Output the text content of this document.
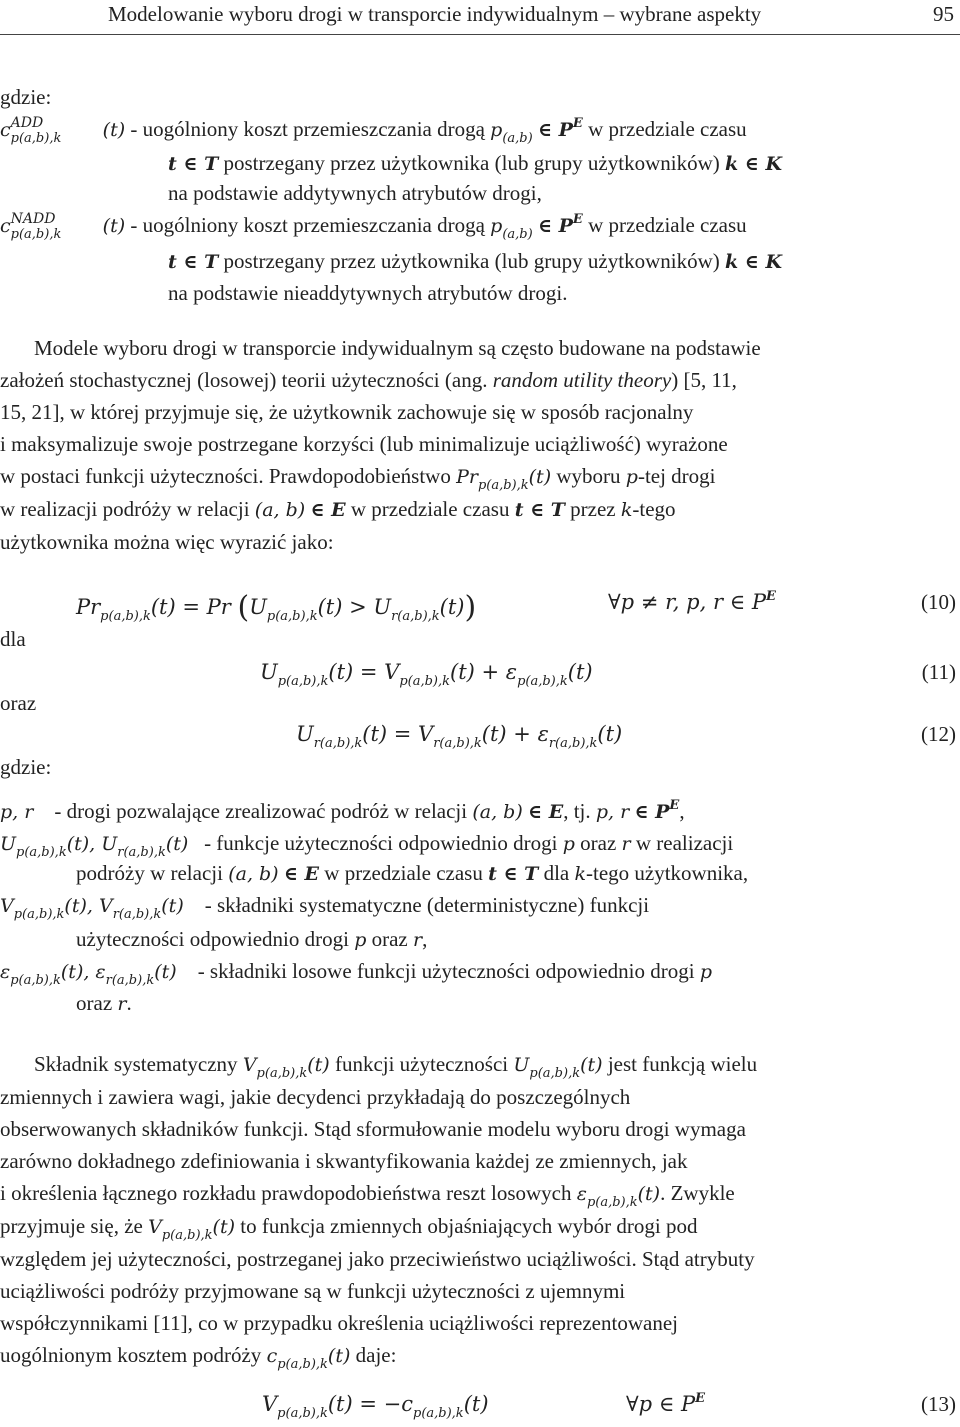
Modelowanie wyboru drogi w transporcie indywidualnym – wybrane aspekty	95
gdzie:
c ADD
p(a,b),k (t) - uogólniony koszt przemieszczania drogą $p_{(a,b)}$ ∈ $P^E$ w przedziale czasu
t ∈ T postrzegany przez użytkownika (lub grupy użytkowników) k ∈ K
na podstawie addytywnych atrybutów drogi,
c NADD
p(a,b),k (t) - uogólniony koszt przemieszczania drogą $p_{(a,b)}$ ∈ $P^E$ w przedziale czasu
t ∈ T postrzegany przez użytkownika (lub grupy użytkowników) k ∈ K
na podstawie nieaddytywnych atrybutów drogi.
Modele wyboru drogi w transporcie indywidualnym są często budowane na podstawie
założeń stochastycznej (losowej) teorii użyteczności (ang. random utility theory) [5, 11,
15, 21], w której przyjmuje się, że użytkownik zachowuje się w sposób racjonalny
i maksymalizuje swoje postrzegane korzyści (lub minimalizuje uciążliwość) wyrażone
w postaci funkcji użyteczności. Prawdopodobieństwo $Pr_{p(a,b),k}(t)$ wyboru p-tej drogi
w realizacji podróży w relacji (a, b) ∈ E w przedziale czasu t ∈ T przez k-tego
użytkownika można więc wyrazić jako:
$Pr_{p(a,b),k}(t) = Pr$ $(U_{p(a,b),k}(t) > U_{r(a,b),k}(t))$	∀p ≠ r, p, r ∈ $P^E$	(10)
dla
$U_{p(a,b),k}(t) = V_{p(a,b),k}(t) + \varepsilon_{p(a,b),k}(t)$	(11)
oraz
$U_{r(a,b),k}(t) = V_{r(a,b),k}(t) + \varepsilon_{r(a,b),k}(t)$	(12)
gdzie:
p, r - drogi pozwalające zrealizować podróż w relacji (a, b) ∈ E, tj. p, r ∈ $P^E$,
$U_{p(a,b),k}(t)$, $U_{r(a,b),k}(t)$ - funkcje użyteczności odpowiednio drogi p oraz r w realizacji
podróży w relacji (a, b) ∈ E w przedziale czasu t ∈ T dla k-tego użytkownika,
$V_{p(a,b),k}(t)$, $V_{r(a,b),k}(t)$ - składniki systematyczne (deterministyczne) funkcji
użyteczności odpowiednio drogi p oraz r,
$\varepsilon_{p(a,b),k}(t)$, $\varepsilon_{r(a,b),k}(t)$ - składniki losowe funkcji użyteczności odpowiednio drogi p
oraz r.
Składnik systematyczny $V_{p(a,b),k}(t)$ funkcji użyteczności $U_{p(a,b),k}(t)$ jest funkcją wielu
zmiennych i zawiera wagi, jakie decydenci przykładają do poszczególnych
obserwowanych składników funkcji. Stąd sformułowanie modelu wyboru drogi wymaga
zarówno dokładnego zdefiniowania i skwantyfikowania każdej ze zmiennych, jak
i określenia łącznego rozkładu prawdopodobieństwa reszt losowych $\varepsilon_{p(a,b),k}(t)$. Zwykle
przyjmuje się, że $V_{p(a,b),k}(t)$ to funkcja zmiennych objaśniających wybór drogi pod
względem jej użyteczności, postrzeganej jako przeciwieństwo uciążliwości. Stąd atrybuty
uciążliwości podróży przyjmowane są w funkcji użyteczności z ujemnymi
współczynnikami [11], co w przypadku określenia uciążliwości reprezentowanej
uogólnionym kosztem podróży $c_{p(a,b),k}(t)$ daje:
$V_{p(a,b),k}(t) = -c_{p(a,b),k}(t)$	∀p ∈ $P^E$	(13)
